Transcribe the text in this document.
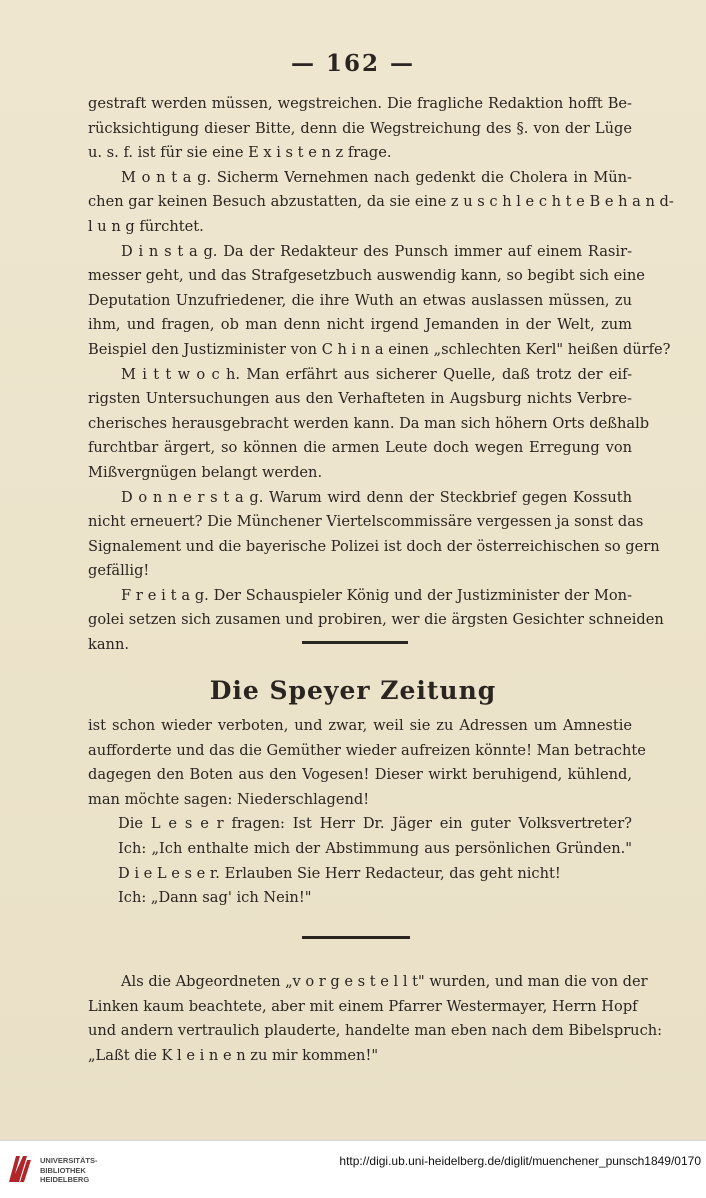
— 162 —
gestraft werden müssen, wegstreichen. Die fragliche Redaktion hofft Be-
rücksichtigung dieser Bitte, denn die Wegstreichung des §. von der Lüge
u. s. f. ist für sie eine E x i s t e n z frage.
M o n t a g. Sicherm Vernehmen nach gedenkt die Cholera in Mün-
chen gar keinen Besuch abzustatten, da sie eine z u s c h l e c h t e B e h a n d-
l u n g fürchtet.
D i n s t a g. Da der Redakteur des Punsch immer auf einem Rasir-
messer geht, und das Strafgesetzbuch auswendig kann, so begibt sich eine
Deputation Unzufriedener, die ihre Wuth an etwas auslassen müssen, zu
ihm, und fragen, ob man denn nicht irgend Jemanden in der Welt, zum
Beispiel den Justizminister von C h i n a einen „schlechten Kerl" heißen dürfe?
M i t t w o c h. Man erfährt aus sicherer Quelle, daß trotz der eif-
rigsten Untersuchungen aus den Verhafteten in Augsburg nichts Verbre-
cherisches herausgebracht werden kann. Da man sich höhern Orts deßhalb
furchtbar ärgert, so können die armen Leute doch wegen Erregung von
Mißvergnügen belangt werden.
D o n n e r s t a g. Warum wird denn der Steckbrief gegen Kossuth
nicht erneuert? Die Münchener Viertelscommissäre vergessen ja sonst das
Signalement und die bayerische Polizei ist doch der österreichischen so gern
gefällig!
F r e i t a g. Der Schauspieler König und der Justizminister der Mon-
golei setzen sich zusamen und probiren, wer die ärgsten Gesichter schneiden
kann.
Die Speyer Zeitung
ist schon wieder verboten, und zwar, weil sie zu Adressen um Amnestie
aufforderte und das die Gemüther wieder aufreizen könnte! Man betrachte
dagegen den Boten aus den Vogesen! Dieser wirkt beruhigend, kühlend,
man möchte sagen: Niederschlagend!
Die L e s e r fragen: Ist Herr Dr. Jäger ein guter Volksvertreter?
Ich: „Ich enthalte mich der Abstimmung aus persönlichen Gründen."
D i e L e s e r. Erlauben Sie Herr Redacteur, das geht nicht!
Ich: „Dann sag' ich Nein!"
Als die Abgeordneten „v o r g e s t e l l t" wurden, und man die von der
Linken kaum beachtete, aber mit einem Pfarrer Westermayer, Herrn Hopf
und andern vertraulich plauderte, handelte man eben nach dem Bibelspruch:
„Laßt die K l e i n e n zu mir kommen!"
UNIVERSITÄTS-
BIBLIOTHEK
HEIDELBERG
http://digi.ub.uni-heidelberg.de/diglit/muenchener_punsch1849/0170
